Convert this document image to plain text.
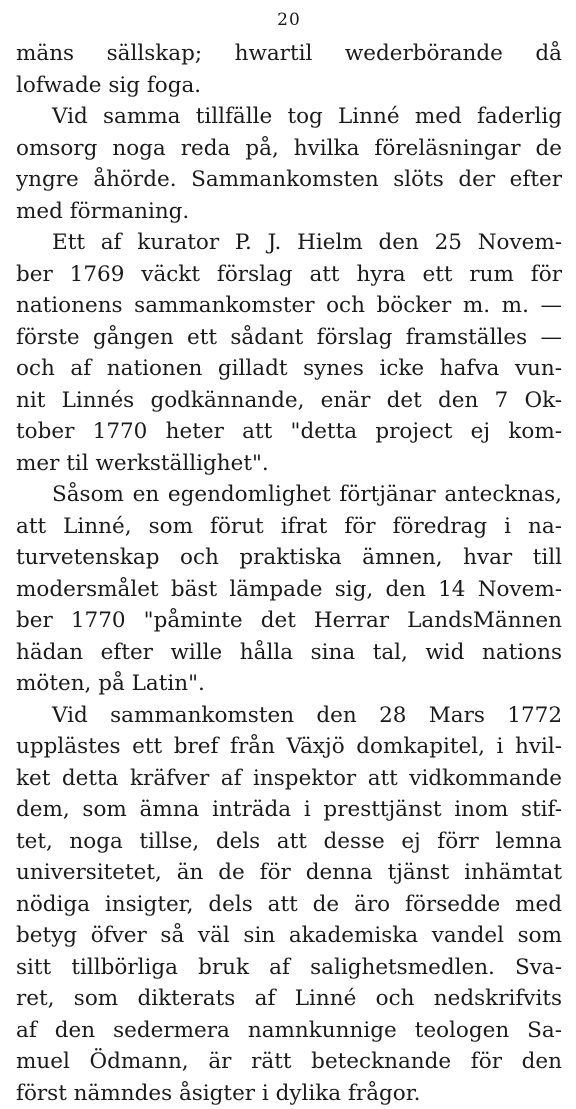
20
mäns sällskap; hwartil wederbörande då
lofwade sig foga.
Vid samma tillfälle tog Linné med faderlig
omsorg noga reda på, hvilka föreläsningar de
yngre åhörde. Sammankomsten slöts der efter
med förmaning.
Ett af kurator P. J. Hielm den 25 Novem-
ber 1769 väckt förslag att hyra ett rum för
nationens sammankomster och böcker m. m. —
förste gången ett sådant förslag framställes —
och af nationen gilladt synes icke hafva vun-
nit Linnés godkännande, enär det den 7 Ok-
tober 1770 heter att "detta project ej kom-
mer til werkställighet".
Såsom en egendomlighet förtjänar antecknas,
att Linné, som förut ifrat för föredrag i na-
turvetenskap och praktiska ämnen, hvar till
modersmålet bäst lämpade sig, den 14 Novem-
ber 1770 "påminte det Herrar LandsMännen
hädan efter wille hålla sina tal, wid nations
möten, på Latin".
Vid sammankomsten den 28 Mars 1772
upplästes ett bref från Växjö domkapitel, i hvil-
ket detta kräfver af inspektor att vidkommande
dem, som ämna inträda i presttjänst inom stif-
tet, noga tillse, dels att desse ej förr lemna
universitetet, än de för denna tjänst inhämtat
nödiga insigter, dels att de äro försedde med
betyg öfver så väl sin akademiska vandel som
sitt tillbörliga bruk af salighetsmedlen. Sva-
ret, som dikterats af Linné och nedskrifvits
af den sedermera namnkunnige teologen Sa-
muel Ödmann, är rätt betecknande för den
först nämndes åsigter i dylika frågor.
